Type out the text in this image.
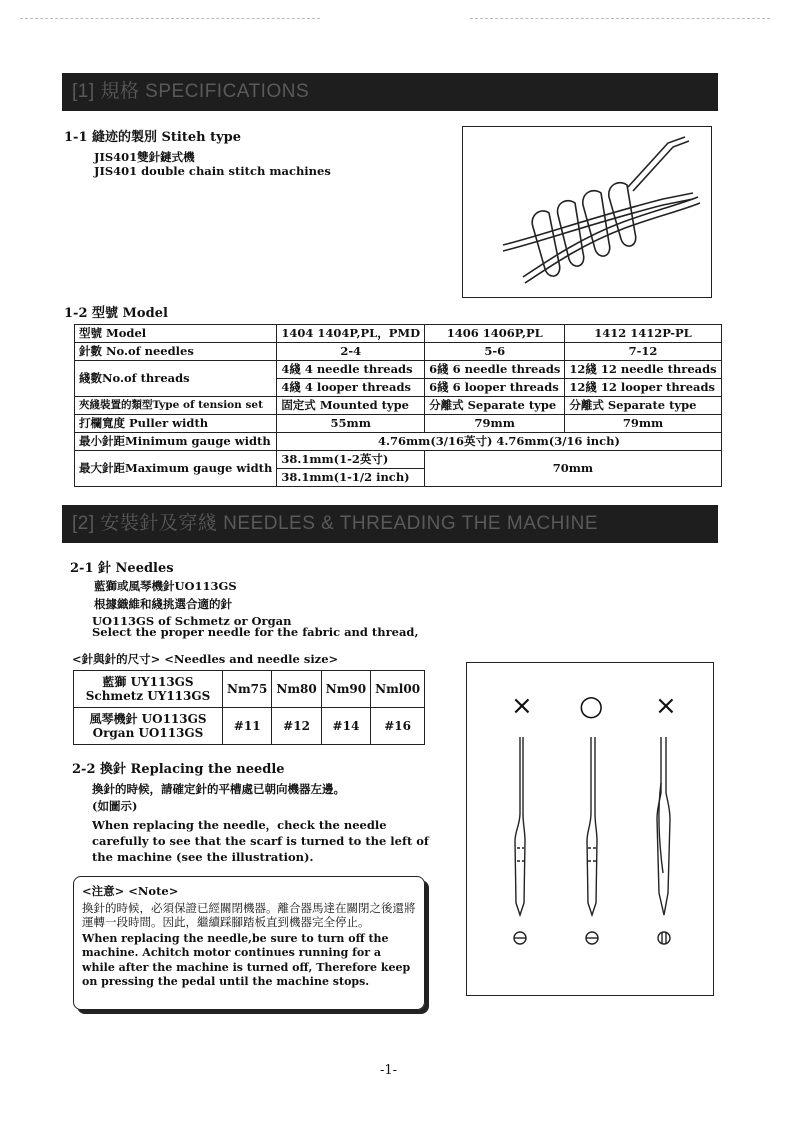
[1] 規格 SPECIFICATIONS
1-1 縫迹的製別 Stiteh type
JIS401雙針鏈式機
JIS401 double chain stitch machines
1-2 型號 Model
型號 Model	1404 1404P,PL，PMD	1406 1406P,PL	1412 1412P-PL
針數 No.of needles	2-4	5-6	7-12
綫數No.of threads	4綫 4 needle threads	6綫 6 needle threads	12綫 12 needle threads
	4綫 4 looper threads	6綫 6 looper threads	12綫 12 looper threads
夾綫裝置的類型Type of tension set	固定式 Mounted type	分離式 Separate type	分離式 Separate type
打欄寬度 Puller width	55mm	79mm	79mm
最小針距Minimum gauge width	4.76mm(3/16英寸) 4.76mm(3/16 inch)		
最大針距Maximum gauge width	38.1mm(1-2英寸)	70mm	
	38.1mm(1-1/2 inch)		
[2] 安裝針及穿綫 NEEDLES & THREADING THE MACHINE
2-1 針 Needles
藍獅或風琴機針UO113GS
根據織維和綫挑選合適的針
UO113GS of Schmetz or Organ
Select the proper needle for the fabric and thread,
<針與針的尺寸> <Needles and needle size>
藍獅 UY113GS
Schmetz UY113GS	Nm75	Nm80	Nm90	Nml00

風琴機針 UO113GS
Organ UO113GS	#11	#12	#14	#16
2-2 換針 Replacing the needle
換針的時候，請確定針的平槽處已朝向機器左邊。
(如圖示)
When replacing the needle，check the needle carefully to see that the scarf is turned to the left of the machine (see the illustration).

<注意> <Note>

換針的時候，必須保證已經關閉機器。離合器馬達在關閉之後還將運轉一段時間。因此，繼續踩腳踏板直到機器完全停止。

When replacing the needle,be sure to turn off the machine. Achitch motor continues running for a while after the machine is turned off, Therefore keep on pressing the pedal until the machine stops.

× ○ ×
-1-
